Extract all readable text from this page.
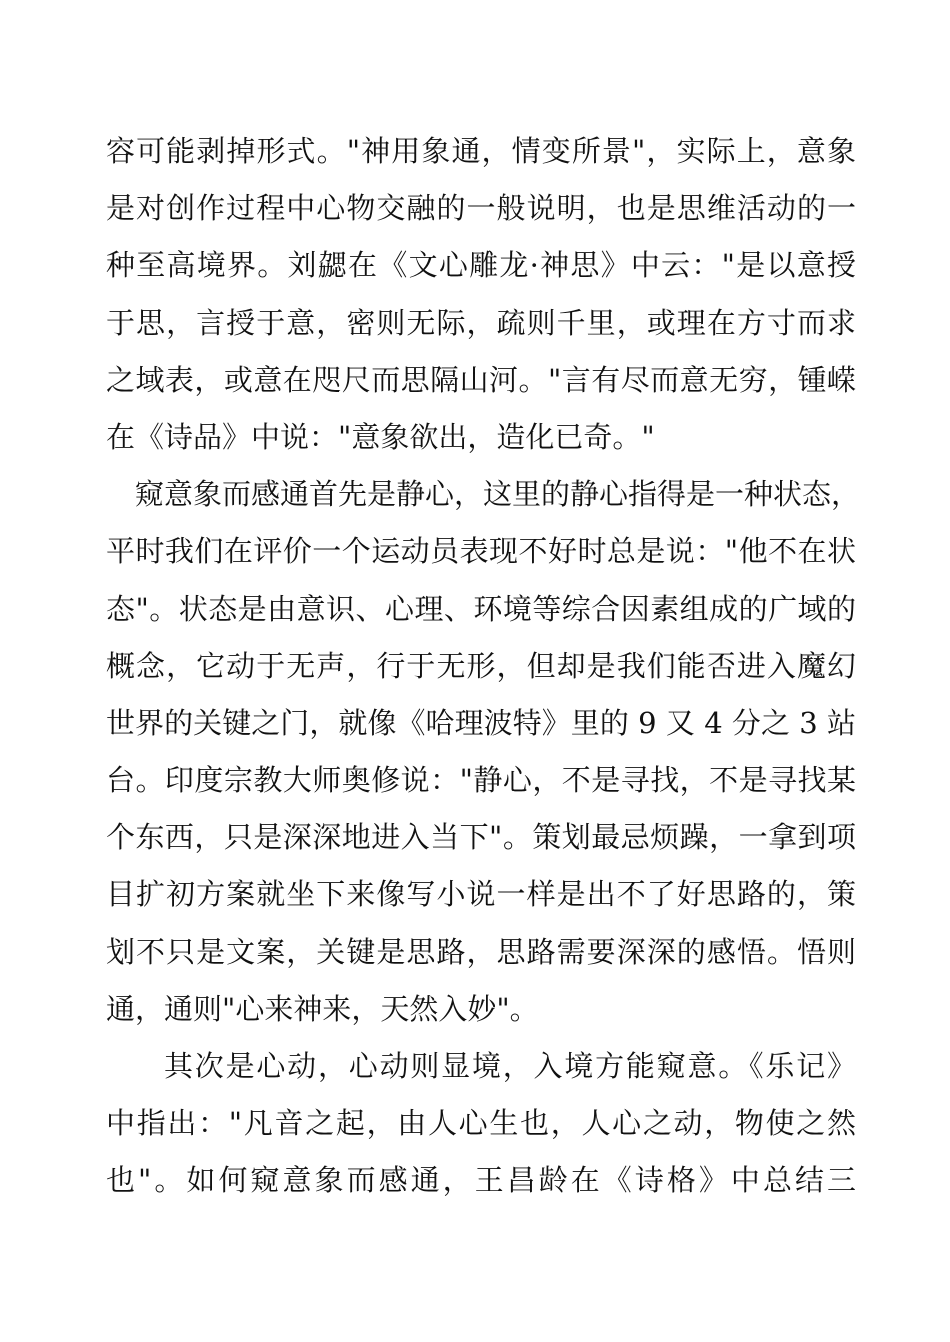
容可能剥掉形式。"神用象通，情变所景"，实际上，意象
是对创作过程中心物交融的一般说明，也是思维活动的一
种至高境界。刘勰在《文心雕龙·神思》中云："是以意授
于思，言授于意，密则无际，疏则千里，或理在方寸而求
之域表，或意在咫尺而思隔山河。"言有尽而意无穷，锺嵘
在《诗品》中说："意象欲出，造化已奇。"
窥意象而感通首先是静心，这里的静心指得是一种状态，
平时我们在评价一个运动员表现不好时总是说："他不在状
态"。状态是由意识、心理、环境等综合因素组成的广域的
概念，它动于无声，行于无形，但却是我们能否进入魔幻
世界的关键之门，就像《哈理波特》里的 9 又 4 分之 3 站
台。印度宗教大师奥修说："静心，不是寻找，不是寻找某
个东西，只是深深地进入当下"。策划最忌烦躁，一拿到项
目扩初方案就坐下来像写小说一样是出不了好思路的，策
划不只是文案，关键是思路，思路需要深深的感悟。悟则
通，通则"心来神来，天然入妙"。
其次是心动，心动则显境，入境方能窥意。《乐记》
中指出："凡音之起，由人心生也，人心之动，物使之然
也"。如何窥意象而感通，王昌龄在《诗格》中总结三
